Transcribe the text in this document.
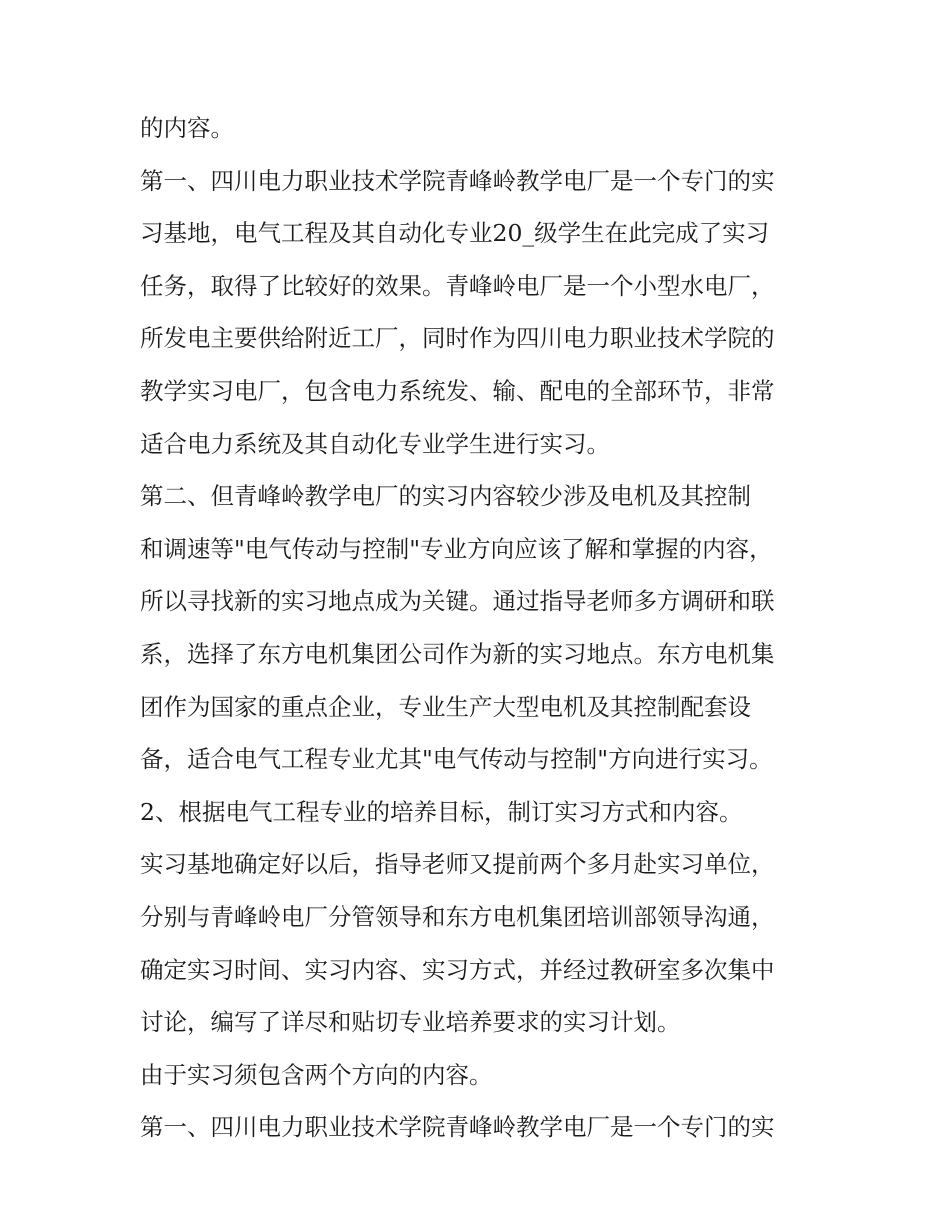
的内容。
第一、四川电力职业技术学院青峰岭教学电厂是一个专门的实
习基地，电气工程及其自动化专业20_级学生在此完成了实习
任务，取得了比较好的效果。青峰岭电厂是一个小型水电厂，
所发电主要供给附近工厂，同时作为四川电力职业技术学院的
教学实习电厂，包含电力系统发、输、配电的全部环节，非常
适合电力系统及其自动化专业学生进行实习。
第二、但青峰岭教学电厂的实习内容较少涉及电机及其控制
和调速等"电气传动与控制"专业方向应该了解和掌握的内容，
所以寻找新的实习地点成为关键。通过指导老师多方调研和联
系，选择了东方电机集团公司作为新的实习地点。东方电机集
团作为国家的重点企业，专业生产大型电机及其控制配套设
备，适合电气工程专业尤其"电气传动与控制"方向进行实习。
2、根据电气工程专业的培养目标，制订实习方式和内容。
实习基地确定好以后，指导老师又提前两个多月赴实习单位，
分别与青峰岭电厂分管领导和东方电机集团培训部领导沟通，
确定实习时间、实习内容、实习方式，并经过教研室多次集中
讨论，编写了详尽和贴切专业培养要求的实习计划。
由于实习须包含两个方向的内容。
第一、四川电力职业技术学院青峰岭教学电厂是一个专门的实
